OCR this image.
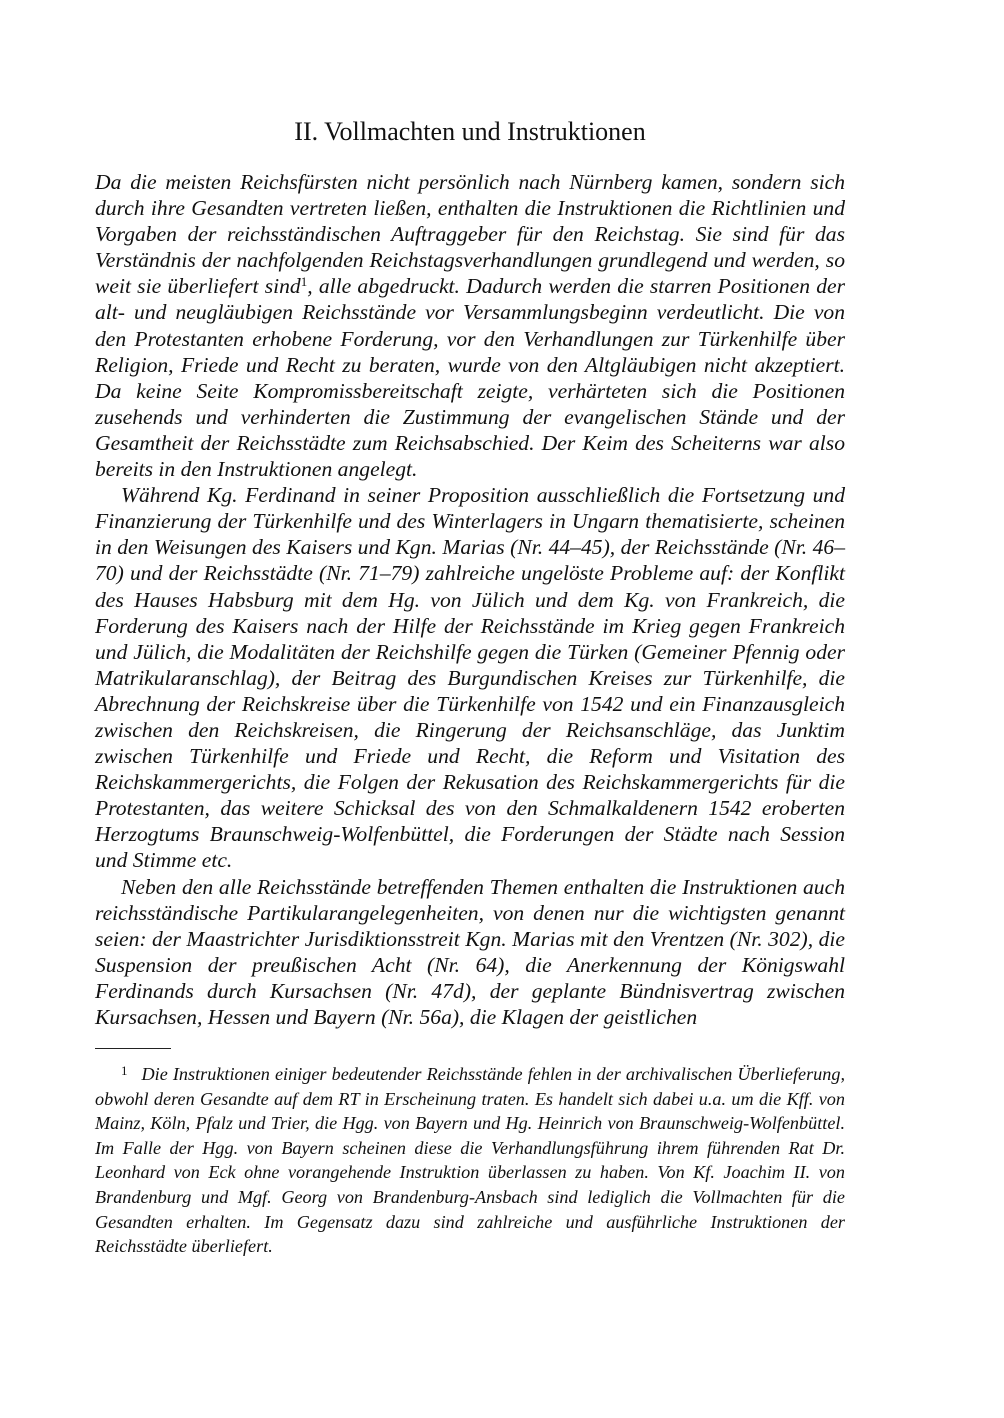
II. Vollmachten und Instruktionen

Da die meisten Reichsfürsten nicht persönlich nach Nürnberg kamen, sondern sich durch ihre Gesandten vertreten ließen, enthalten die Instruktionen die Richtlinien und Vorgaben der reichsständischen Auftraggeber für den Reichstag. Sie sind für das Verständnis der nachfolgenden Reichstagsverhandlungen grundlegend und werden, so weit sie überliefert sind$^1$, alle abgedruckt. Dadurch werden die starren Positionen der alt- und neugläubigen Reichsstände vor Versammlungsbeginn verdeutlicht. Die von den Protestanten erhobene Forderung, vor den Verhandlungen zur Türkenhilfe über Religion, Friede und Recht zu beraten, wurde von den Altgläubigen nicht akzeptiert. Da keine Seite Kompromissbereitschaft zeigte, verhärteten sich die Positionen zusehends und verhinderten die Zustimmung der evangelischen Stände und der Gesamtheit der Reichsstädte zum Reichsabschied. Der Keim des Scheiterns war also bereits in den Instruktionen angelegt.

Während Kg. Ferdinand in seiner Proposition ausschließlich die Fortsetzung und Finanzierung der Türkenhilfe und des Winterlagers in Ungarn thematisierte, scheinen in den Weisungen des Kaisers und Kgn. Marias (Nr. 44–45), der Reichsstände (Nr. 46–70) und der Reichsstädte (Nr. 71–79) zahlreiche ungelöste Probleme auf: der Konflikt des Hauses Habsburg mit dem Hg. von Jülich und dem Kg. von Frankreich, die Forderung des Kaisers nach der Hilfe der Reichsstände im Krieg gegen Frankreich und Jülich, die Modalitäten der Reichshilfe gegen die Türken (Gemeiner Pfennig oder Matrikularanschlag), der Beitrag des Burgundischen Kreises zur Türkenhilfe, die Abrechnung der Reichskreise über die Türkenhilfe von 1542 und ein Finanzausgleich zwischen den Reichskreisen, die Ringerung der Reichsanschläge, das Junktim zwischen Türkenhilfe und Friede und Recht, die Reform und Visitation des Reichskammergerichts, die Folgen der Rekusation des Reichskammergerichts für die Protestanten, das weitere Schicksal des von den Schmalkaldenern 1542 eroberten Herzogtums Braunschweig-Wolfenbüttel, die Forderungen der Städte nach Session und Stimme etc.

Neben den alle Reichsstände betreffenden Themen enthalten die Instruktionen auch reichsständische Partikularangelegenheiten, von denen nur die wichtigsten genannt seien: der Maastrichter Jurisdiktionsstreit Kgn. Marias mit den Vrentzen (Nr. 302), die Suspension der preußischen Acht (Nr. 64), die Anerkennung der Königswahl Ferdinands durch Kursachsen (Nr. 47d), der geplante Bündnisvertrag zwischen Kursachsen, Hessen und Bayern (Nr. 56a), die Klagen der geistlichen

$^1$ Die Instruktionen einiger bedeutender Reichsstände fehlen in der archivalischen Überlieferung, obwohl deren Gesandte auf dem RT in Erscheinung traten. Es handelt sich dabei u.a. um die Kff. von Mainz, Köln, Pfalz und Trier, die Hgg. von Bayern und Hg. Heinrich von Braunschweig-Wolfenbüttel. Im Falle der Hgg. von Bayern scheinen diese die Verhandlungsführung ihrem führenden Rat Dr. Leonhard von Eck ohne vorangehende Instruktion überlassen zu haben. Von Kf. Joachim II. von Brandenburg und Mgf. Georg von Brandenburg-Ansbach sind lediglich die Vollmachten für die Gesandten erhalten. Im Gegensatz dazu sind zahlreiche und ausführliche Instruktionen der Reichsstädte überliefert.
